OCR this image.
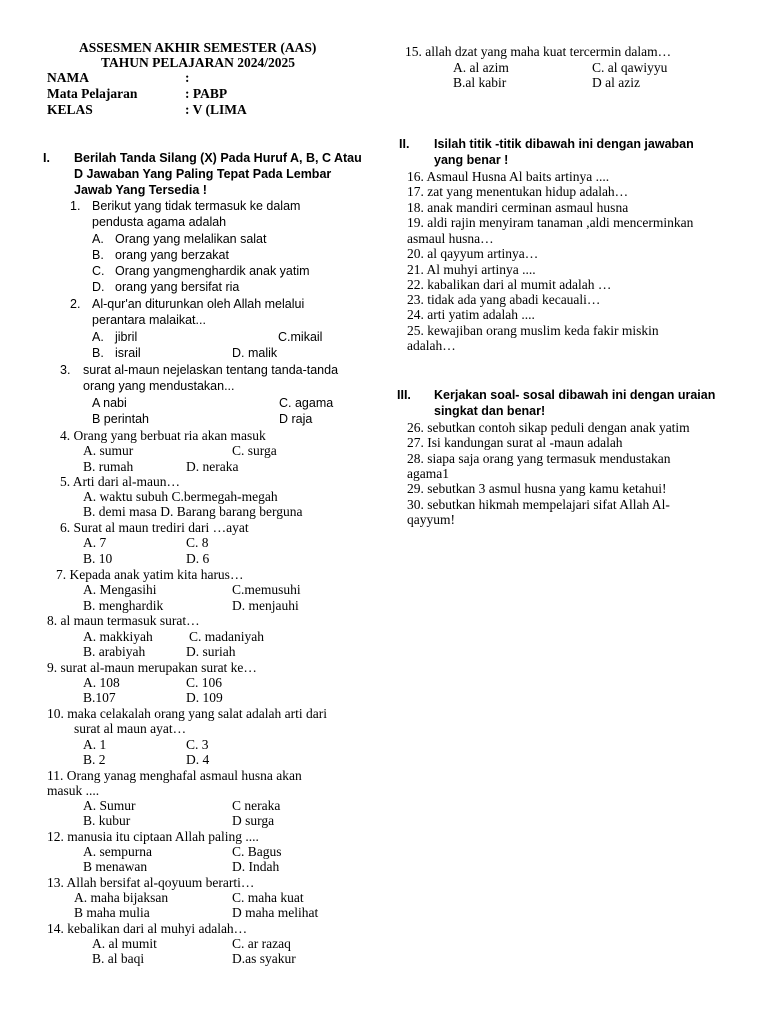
ASSESMEN AKHIR SEMESTER (AAS)
TAHUN PELAJARAN 2024/2025
NAMA	:
Mata Pelajaran	: PABP
KELAS	: V (LIMA
I. Berilah Tanda Silang (X) Pada Huruf A, B, C Atau
D Jawaban Yang Paling Tepat Pada Lembar
Jawab Yang Tersedia !
1. Berikut yang tidak termasuk ke dalam
pendusta agama adalah
A. Orang yang melalikan salat
B. orang yang berzakat
C. Orang yangmenghardik anak yatim
D. orang yang bersifat ria
2. Al-qur'an diturunkan oleh Allah melalui
perantara malaikat...
A. jibril	C.mikail
B. israil	D. malik
3. surat al-maun nejelaskan tentang tanda-tanda
orang yang mendustakan...
A nabi	C. agama
B perintah	D raja
4. Orang yang berbuat ria akan masuk
A. sumur	C. surga
B. rumah	D. neraka
5. Arti dari al-maun…
A. waktu subuh C.bermegah-megah
B. demi masa D. Barang barang berguna
6. Surat al maun trediri dari …ayat
A. 7	C. 8
B. 10	D. 6
7. Kepada anak yatim kita harus…
A. Mengasihi	C.memusuhi
B. menghardik	D. menjauhi
8. al maun termasuk surat…
A. makkiyah	C. madaniyah
B. arabiyah	D. suriah
9. surat al-maun merupakan surat ke…
A. 108	C. 106
B.107	D. 109
10. maka celakalah orang yang salat adalah arti dari
surat al maun ayat…
A. 1	C. 3
B. 2	D. 4
11. Orang yanag menghafal asmaul husna akan
masuk ....
A. Sumur	C neraka
B. kubur	D surga
12. manusia itu ciptaan Allah paling ....
A. sempurna	C. Bagus
B menawan	D. Indah
13. Allah bersifat al-qoyuum berarti…
A. maha bijaksan	C. maha kuat
B maha mulia	D maha melihat
14. kebalikan dari al muhyi adalah…
A. al mumit	C. ar razaq
B. al baqi	D.as syakur
15. allah dzat yang maha kuat tercermin dalam…
A. al azim	C. al qawiyyu
B.al kabir	D al aziz
II. Isilah titik -titik dibawah ini dengan jawaban
yang benar !
16. Asmaul Husna Al baits artinya ....
17. zat yang menentukan hidup adalah…
18. anak mandiri cerminan asmaul husna
19. aldi rajin menyiram tanaman ,aldi mencerminkan
asmaul husna…
20. al qayyum artinya…
21. Al muhyi artinya ....
22. kabalikan dari al mumit adalah …
23. tidak ada yang abadi kecauali…
24. arti yatim adalah ....
25. kewajiban orang muslim keda fakir miskin
adalah…
III. Kerjakan soal- sosal dibawah ini dengan uraian
singkat dan benar!
26. sebutkan contoh sikap peduli dengan anak yatim
27. Isi kandungan surat al -maun adalah
28. siapa saja orang yang termasuk mendustakan
agama1
29. sebutkan 3 asmul husna yang kamu ketahui!
30. sebutkan hikmah mempelajari sifat Allah Al-
qayyum!
